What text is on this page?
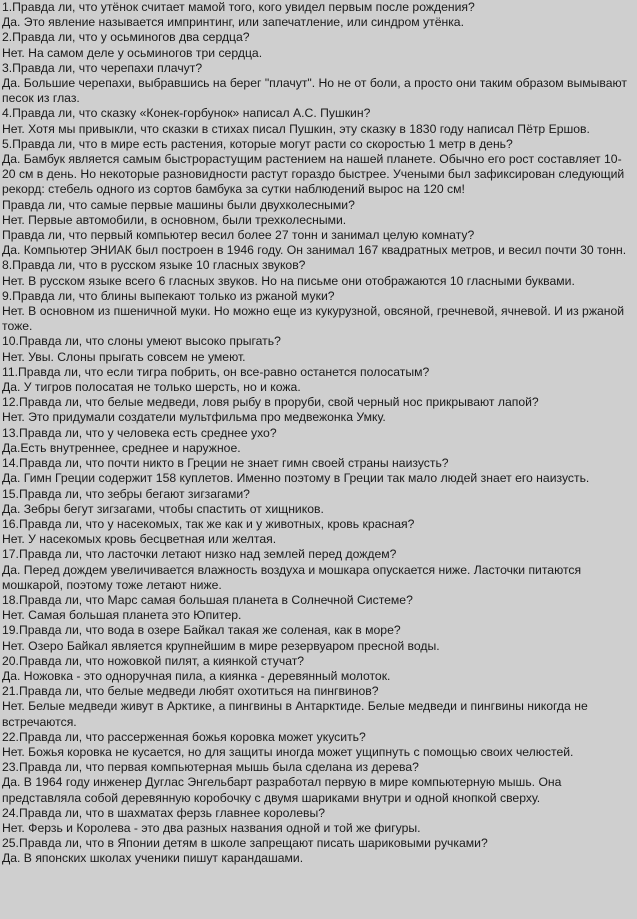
1.Правда ли, что утёнок считает мамой того, кого увидел первым после рождения?

Да. Это явление называется импринтинг, или запечатление, или синдром утёнка.

2.Правда ли, что у осьминогов два сердца?

Нет. На самом деле у осьминогов три сердца.

3.Правда ли, что черепахи плачут?

Да. Большие черепахи, выбравшись на берег "плачут". Но не от боли, а просто они таким образом вымывают песок из глаз.

4.Правда ли, что сказку «Конек-горбунок» написал А.С. Пушкин?

Нет. Хотя мы привыкли, что сказки в стихах писал Пушкин, эту сказку в 1830 году написал Пётр Ершов.

5.Правда ли, что в мире есть растения, которые могут расти со скоростью 1 метр в день?

Да. Бамбук является самым быстрорастущим растением на нашей планете. Обычно его рост составляет 10-20 см в день. Но некоторые разновидности растут гораздо быстрее. Учеными был зафиксирован следующий рекорд: стебель одного из сортов бамбука за сутки наблюдений вырос на 120 см!

Правда ли, что самые первые машины были двухколесными?

Нет. Первые автомобили, в основном, были трехколесными.

Правда ли, что первый компьютер весил более 27 тонн и занимал целую комнату?

Да. Компьютер ЭНИАК был построен в 1946 году. Он занимал 167 квадратных метров, и весил почти 30 тонн.

8.Правда ли, что в русском языке 10 гласных звуков?

Нет. В русском языке всего 6 гласных звуков. Но на письме они отображаются 10 гласными буквами.

9.Правда ли, что блины выпекают только из ржаной муки?

Нет. В основном из пшеничной муки. Но можно еще из кукурузной, овсяной, гречневой, ячневой. И из ржаной тоже.

10.Правда ли, что слоны умеют высоко прыгать?

Нет. Увы. Слоны прыгать совсем не умеют.

11.Правда ли, что если тигра побрить, он все-равно останется полосатым?

Да. У тигров полосатая не только шерсть, но и кожа.

12.Правда ли, что белые медведи, ловя рыбу в проруби, свой черный нос прикрывают лапой?

Нет. Это придумали создатели мультфильма про медвежонка Умку.

13.Правда ли, что у человека есть среднее ухо?

Да.Есть внутреннее, среднее и наружное.

14.Правда ли, что почти никто в Греции не знает гимн своей страны наизусть?

Да. Гимн Греции содержит 158 куплетов. Именно поэтому в Греции так мало людей знает его наизусть.

15.Правда ли, что зебры бегают зигзагами?

Да. Зебры бегут зигзагами, чтобы спастить от хищников.

16.Правда ли, что у насекомых, так же как и у животных, кровь красная?

Нет. У насекомых кровь бесцветная или желтая.

17.Правда ли, что ласточки летают низко над землей перед дождем?

Да. Перед дождем увеличивается влажность воздуха и мошкара опускается ниже. Ласточки питаются мошкарой, поэтому тоже летают ниже.

18.Правда ли, что Марс самая большая планета в Солнечной Системе?

Нет. Самая большая планета это Юпитер.

19.Правда ли, что вода в озере Байкал такая же соленая, как в море?

Нет. Озеро Байкал является крупнейшим в мире резервуаром пресной воды.

20.Правда ли, что ножовкой пилят, а киянкой стучат?

Да. Ножовка - это одноручная пила, а киянка - деревянный молоток.

21.Правда ли, что белые медведи любят охотиться на пингвинов?

Нет. Белые медведи живут в Арктике, а пингвины в Антарктиде. Белые медведи и пингвины никогда не встречаются.

22.Правда ли, что рассерженная божья коровка может укусить?

Нет. Божья коровка не кусается, но для защиты иногда может ущипнуть с помощью своих челюстей.

23.Правда ли, что первая компьютерная мышь была сделана из дерева?

Да. В 1964 году инженер Дуглас Энгельбарт разработал первую в мире компьютерную мышь. Она представляла собой деревянную коробочку с двумя шариками внутри и одной кнопкой сверху.

24.Правда ли, что в шахматах ферзь главнее королевы?

Нет. Ферзь и Королева - это два разных названия одной и той же фигуры.

25.Правда ли, что в Японии детям в школе запрещают писать шариковыми ручками?

Да. В японских школах ученики пишут карандашами.
